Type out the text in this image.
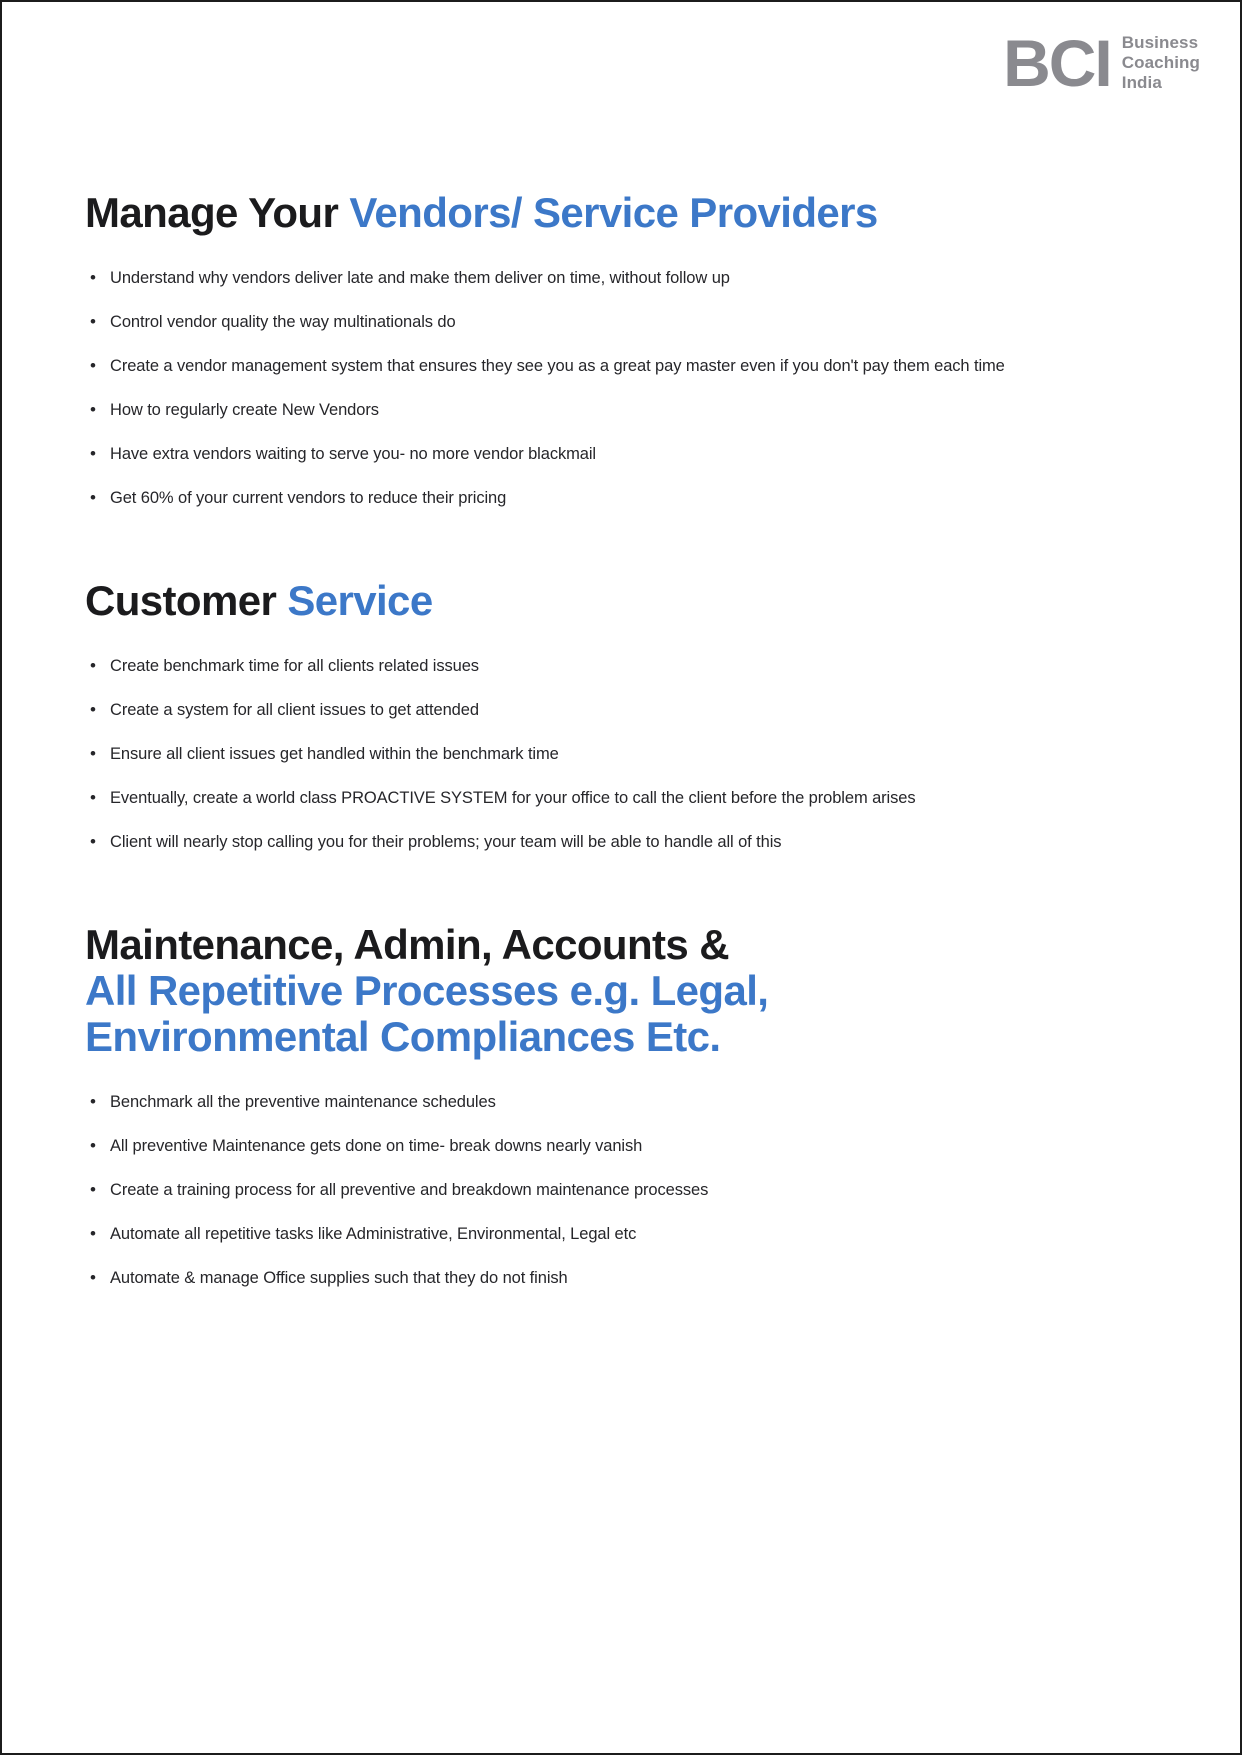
BCI Business
Coaching
India
Manage Your Vendors/ Service Providers
• Understand why vendors deliver late and make them deliver on time, without follow up
• Control vendor quality the way multinationals do
• Create a vendor management system that ensures they see you as a great pay master even if you don't pay them each time
• How to regularly create New Vendors
• Have extra vendors waiting to serve you- no more vendor blackmail
• Get 60% of your current vendors to reduce their pricing
Customer Service
• Create benchmark time for all clients related issues
• Create a system for all client issues to get attended
• Ensure all client issues get handled within the benchmark time
• Eventually, create a world class PROACTIVE SYSTEM for your office to call the client before the problem arises
• Client will nearly stop calling you for their problems; your team will be able to handle all of this
Maintenance, Admin, Accounts &
All Repetitive Processes e.g. Legal,
Environmental Compliances Etc.
• Benchmark all the preventive maintenance schedules
• All preventive Maintenance gets done on time- break downs nearly vanish
• Create a training process for all preventive and breakdown maintenance processes
• Automate all repetitive tasks like Administrative, Environmental, Legal etc
• Automate & manage Office supplies such that they do not finish
